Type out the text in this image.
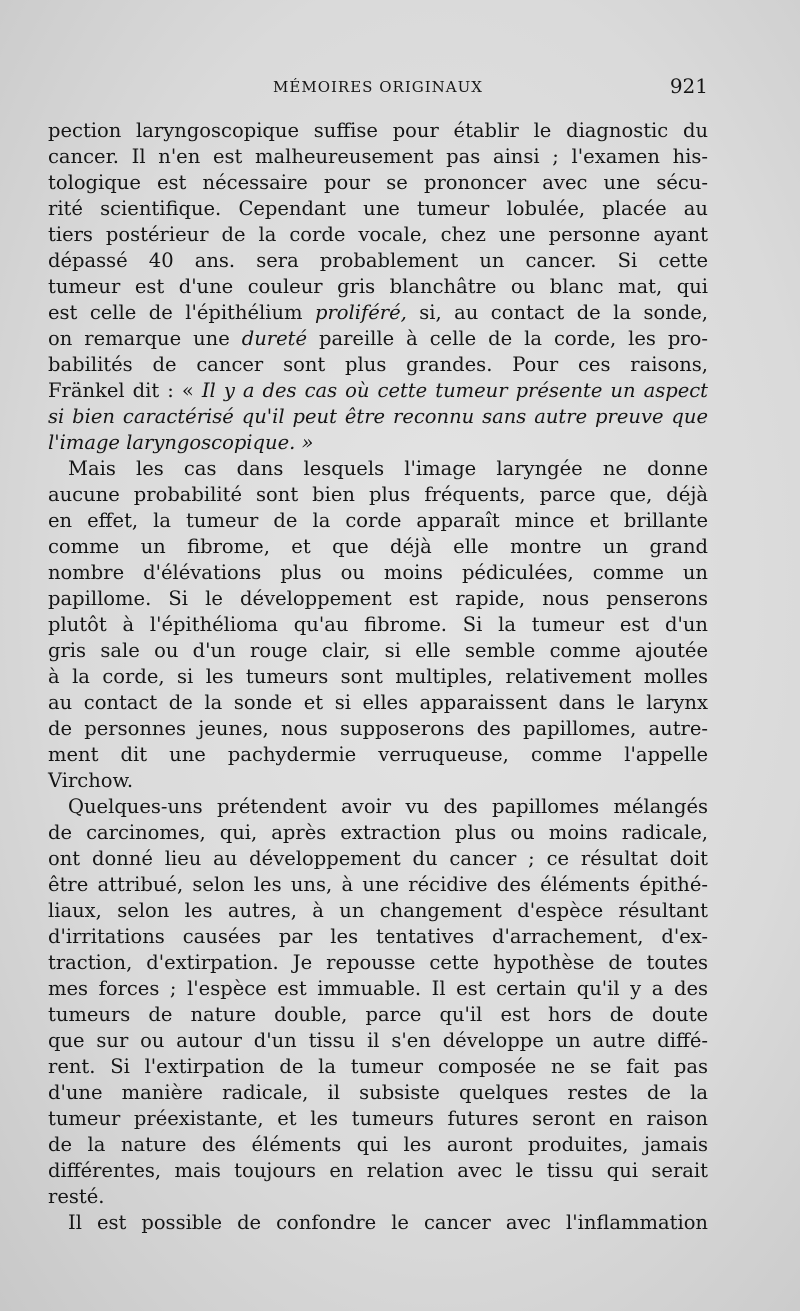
MÉMOIRES ORIGINAUX	921
pection laryngoscopique suffise pour établir le diagnostic du
cancer. Il n'en est malheureusement pas ainsi ; l'examen his-
tologique est nécessaire pour se prononcer avec une sécu-
rité scientifique. Cependant une tumeur lobulée, placée au
tiers postérieur de la corde vocale, chez une personne ayant
dépassé 40 ans. sera probablement un cancer. Si cette
tumeur est d'une couleur gris blanchâtre ou blanc mat, qui
est celle de l'épithélium proliféré, si, au contact de la sonde,
on remarque une dureté pareille à celle de la corde, les pro-
babilités de cancer sont plus grandes. Pour ces raisons,
Fränkel dit : « Il y a des cas où cette tumeur présente un aspect
si bien caractérisé qu'il peut être reconnu sans autre preuve que
l'image laryngoscopique. »
Mais les cas dans lesquels l'image laryngée ne donne
aucune probabilité sont bien plus fréquents, parce que, déjà
en effet, la tumeur de la corde apparaît mince et brillante
comme un fibrome, et que déjà elle montre un grand
nombre d'élévations plus ou moins pédiculées, comme un
papillome. Si le développement est rapide, nous penserons
plutôt à l'épithélioma qu'au fibrome. Si la tumeur est d'un
gris sale ou d'un rouge clair, si elle semble comme ajoutée
à la corde, si les tumeurs sont multiples, relativement molles
au contact de la sonde et si elles apparaissent dans le larynx
de personnes jeunes, nous supposerons des papillomes, autre-
ment dit une pachydermie verruqueuse, comme l'appelle
Virchow.
Quelques-uns prétendent avoir vu des papillomes mélangés
de carcinomes, qui, après extraction plus ou moins radicale,
ont donné lieu au développement du cancer ; ce résultat doit
être attribué, selon les uns, à une récidive des éléments épithé-
liaux, selon les autres, à un changement d'espèce résultant
d'irritations causées par les tentatives d'arrachement, d'ex-
traction, d'extirpation. Je repousse cette hypothèse de toutes
mes forces ; l'espèce est immuable. Il est certain qu'il y a des
tumeurs de nature double, parce qu'il est hors de doute
que sur ou autour d'un tissu il s'en développe un autre diffé-
rent. Si l'extirpation de la tumeur composée ne se fait pas
d'une manière radicale, il subsiste quelques restes de la
tumeur préexistante, et les tumeurs futures seront en raison
de la nature des éléments qui les auront produites, jamais
différentes, mais toujours en relation avec le tissu qui serait
resté.
Il est possible de confondre le cancer avec l'inflammation
